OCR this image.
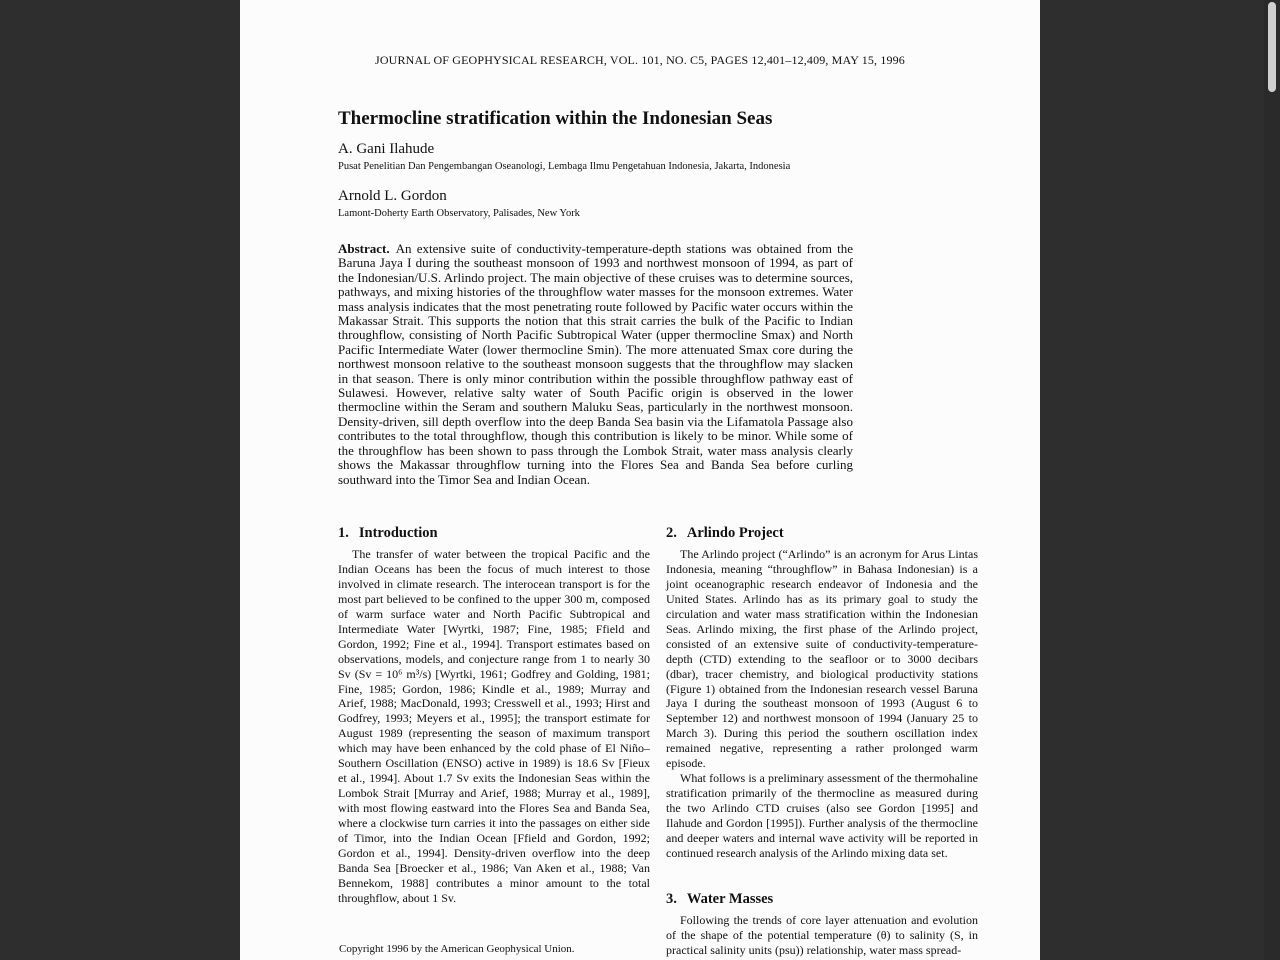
JOURNAL OF GEOPHYSICAL RESEARCH, VOL. 101, NO. C5, PAGES 12,401–12,409, MAY 15, 1996
Thermocline stratification within the Indonesian Seas
A. Gani Ilahude
Pusat Penelitian Dan Pengembangan Oseanologi, Lembaga Ilmu Pengetahuan Indonesia, Jakarta, Indonesia
Arnold L. Gordon
Lamont-Doherty Earth Observatory, Palisades, New York
Abstract. An extensive suite of conductivity-temperature-depth stations was obtained from the Baruna Jaya I during the southeast monsoon of 1993 and northwest monsoon of 1994, as part of the Indonesian/U.S. Arlindo project. The main objective of these cruises was to determine sources, pathways, and mixing histories of the throughflow water masses for the monsoon extremes. Water mass analysis indicates that the most penetrating route followed by Pacific water occurs within the Makassar Strait. This supports the notion that this strait carries the bulk of the Pacific to Indian throughflow, consisting of North Pacific Subtropical Water (upper thermocline Smax) and North Pacific Intermediate Water (lower thermocline Smin). The more attenuated Smax core during the northwest monsoon relative to the southeast monsoon suggests that the throughflow may slacken in that season. There is only minor contribution within the possible throughflow pathway east of Sulawesi. However, relative salty water of South Pacific origin is observed in the lower thermocline within the Seram and southern Maluku Seas, particularly in the northwest monsoon. Density-driven, sill depth overflow into the deep Banda Sea basin via the Lifamatola Passage also contributes to the total throughflow, though this contribution is likely to be minor. While some of the throughflow has been shown to pass through the Lombok Strait, water mass analysis clearly shows the Makassar throughflow turning into the Flores Sea and Banda Sea before curling southward into the Timor Sea and Indian Ocean.
1. Introduction

The transfer of water between the tropical Pacific and the Indian Oceans has been the focus of much interest to those involved in climate research. The interocean transport is for the most part believed to be confined to the upper 300 m, composed of warm surface water and North Pacific Subtropical and Intermediate Water [Wyrtki, 1987; Fine, 1985; Ffield and Gordon, 1992; Fine et al., 1994]. Transport estimates based on observations, models, and conjecture range from 1 to nearly 30 Sv (Sv = 10⁶ m³/s) [Wyrtki, 1961; Godfrey and Golding, 1981; Fine, 1985; Gordon, 1986; Kindle et al., 1989; Murray and Arief, 1988; MacDonald, 1993; Cresswell et al., 1993; Hirst and Godfrey, 1993; Meyers et al., 1995]; the transport estimate for August 1989 (representing the season of maximum transport which may have been enhanced by the cold phase of El Niño–Southern Oscillation (ENSO) active in 1989) is 18.6 Sv [Fieux et al., 1994]. About 1.7 Sv exits the Indonesian Seas within the Lombok Strait [Murray and Arief, 1988; Murray et al., 1989], with most flowing eastward into the Flores Sea and Banda Sea, where a clockwise turn carries it into the passages on either side of Timor, into the Indian Ocean [Ffield and Gordon, 1992; Gordon et al., 1994]. Density-driven overflow into the deep Banda Sea [Broecker et al., 1986; Van Aken et al., 1988; Van Bennekom, 1988] contributes a minor amount to the total throughflow, about 1 Sv.

2. Arlindo Project

The Arlindo project (“Arlindo” is an acronym for Arus Lintas Indonesia, meaning “throughflow” in Bahasa Indonesian) is a joint oceanographic research endeavor of Indonesia and the United States. Arlindo has as its primary goal to study the circulation and water mass stratification within the Indonesian Seas. Arlindo mixing, the first phase of the Arlindo project, consisted of an extensive suite of conductivity-temperature-depth (CTD) extending to the seafloor or to 3000 decibars (dbar), tracer chemistry, and biological productivity stations (Figure 1) obtained from the Indonesian research vessel Baruna Jaya I during the southeast monsoon of 1993 (August 6 to September 12) and northwest monsoon of 1994 (January 25 to March 3). During this period the southern oscillation index remained negative, representing a rather prolonged warm episode.

What follows is a preliminary assessment of the thermohaline stratification primarily of the thermocline as measured during the two Arlindo CTD cruises (also see Gordon [1995] and Ilahude and Gordon [1995]). Further analysis of the thermocline and deeper waters and internal wave activity will be reported in continued research analysis of the Arlindo mixing data set.

3. Water Masses

Following the trends of core layer attenuation and evolution of the shape of the potential temperature (θ) to salinity (S, in practical salinity units (psu)) relationship, water mass spread-

Copyright 1996 by the American Geophysical Union.
